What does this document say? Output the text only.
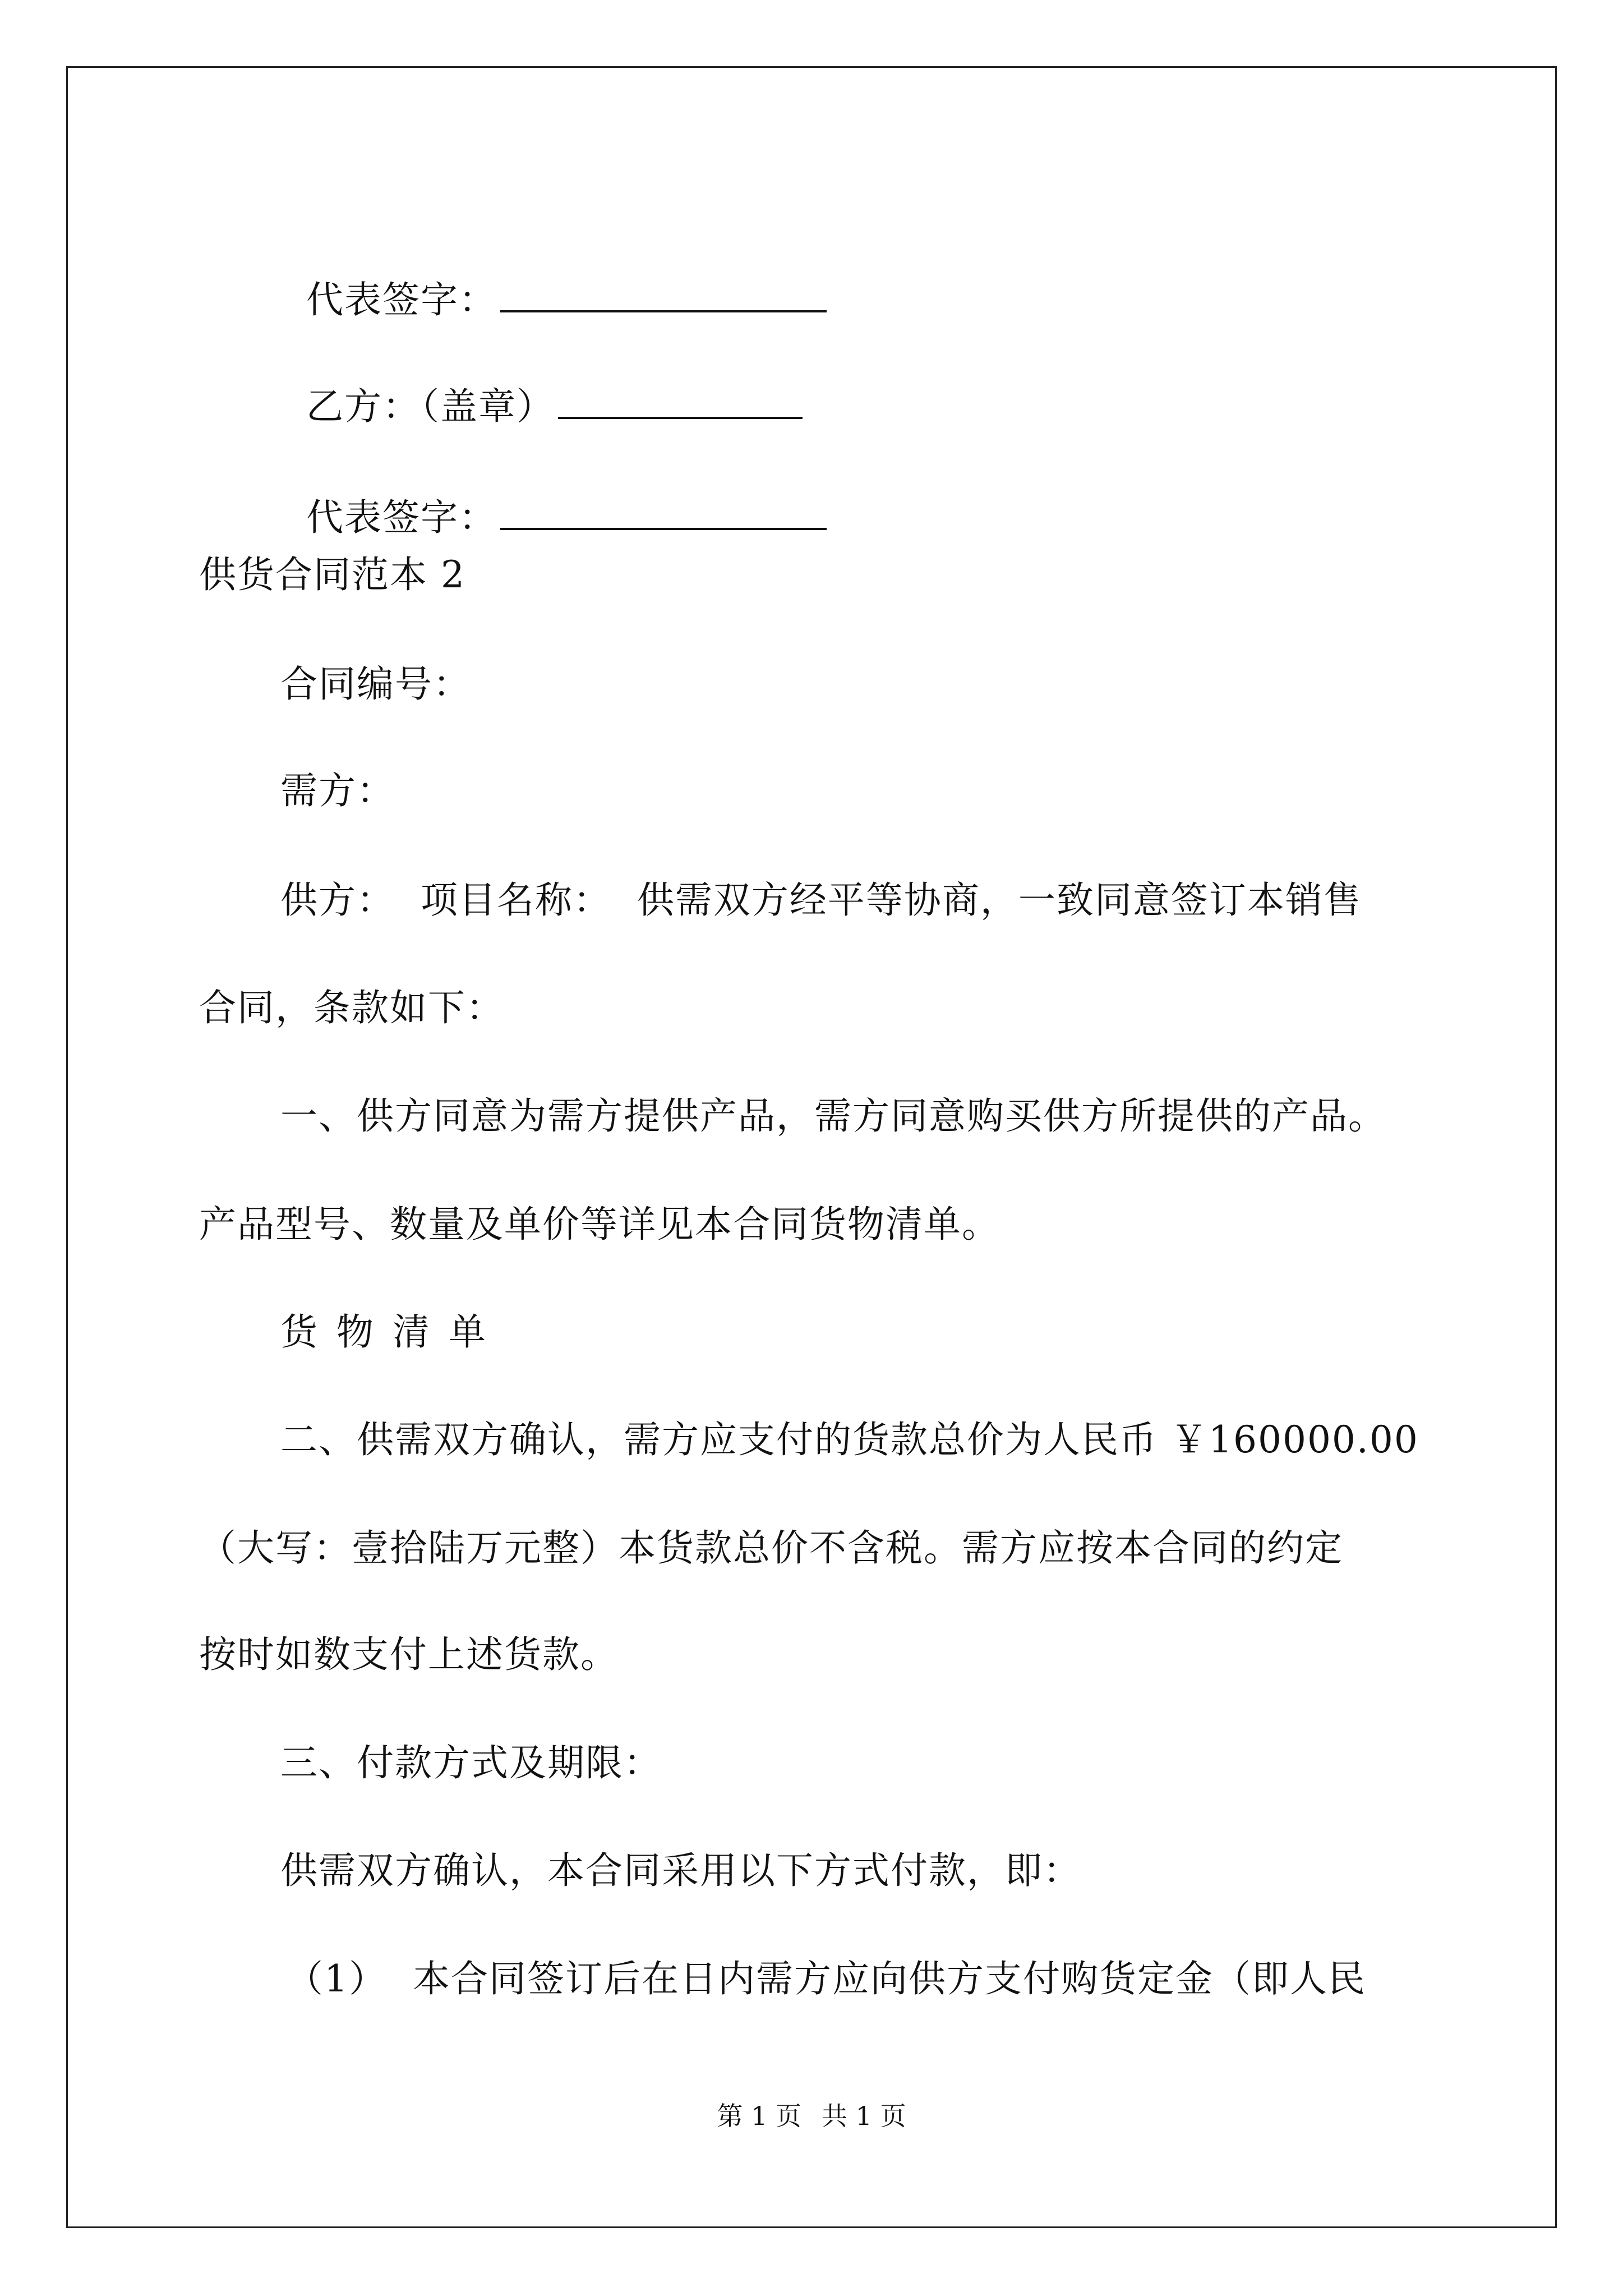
代表签字：

乙方：（盖章）

代表签字：

供货合同范本 2
合同编号：
需方：
供方：  项目名称：  供需双方经平等协商，一致同意签订本销售
合同，条款如下：
一、供方同意为需方提供产品，需方同意购买供方所提供的产品。
产品型号、数量及单价等详见本合同货物清单。
货物清单
二、供需双方确认，需方应支付的货款总价为人民币 ￥160000.00
（大写：壹拾陆万元整）本货款总价不含税。需方应按本合同的约定
按时如数支付上述货款。
三、付款方式及期限：
供需双方确认，本合同采用以下方式付款，即：
（1）  本合同签订后在日内需方应向供方支付购货定金（即人民
第 1 页 共 1 页
